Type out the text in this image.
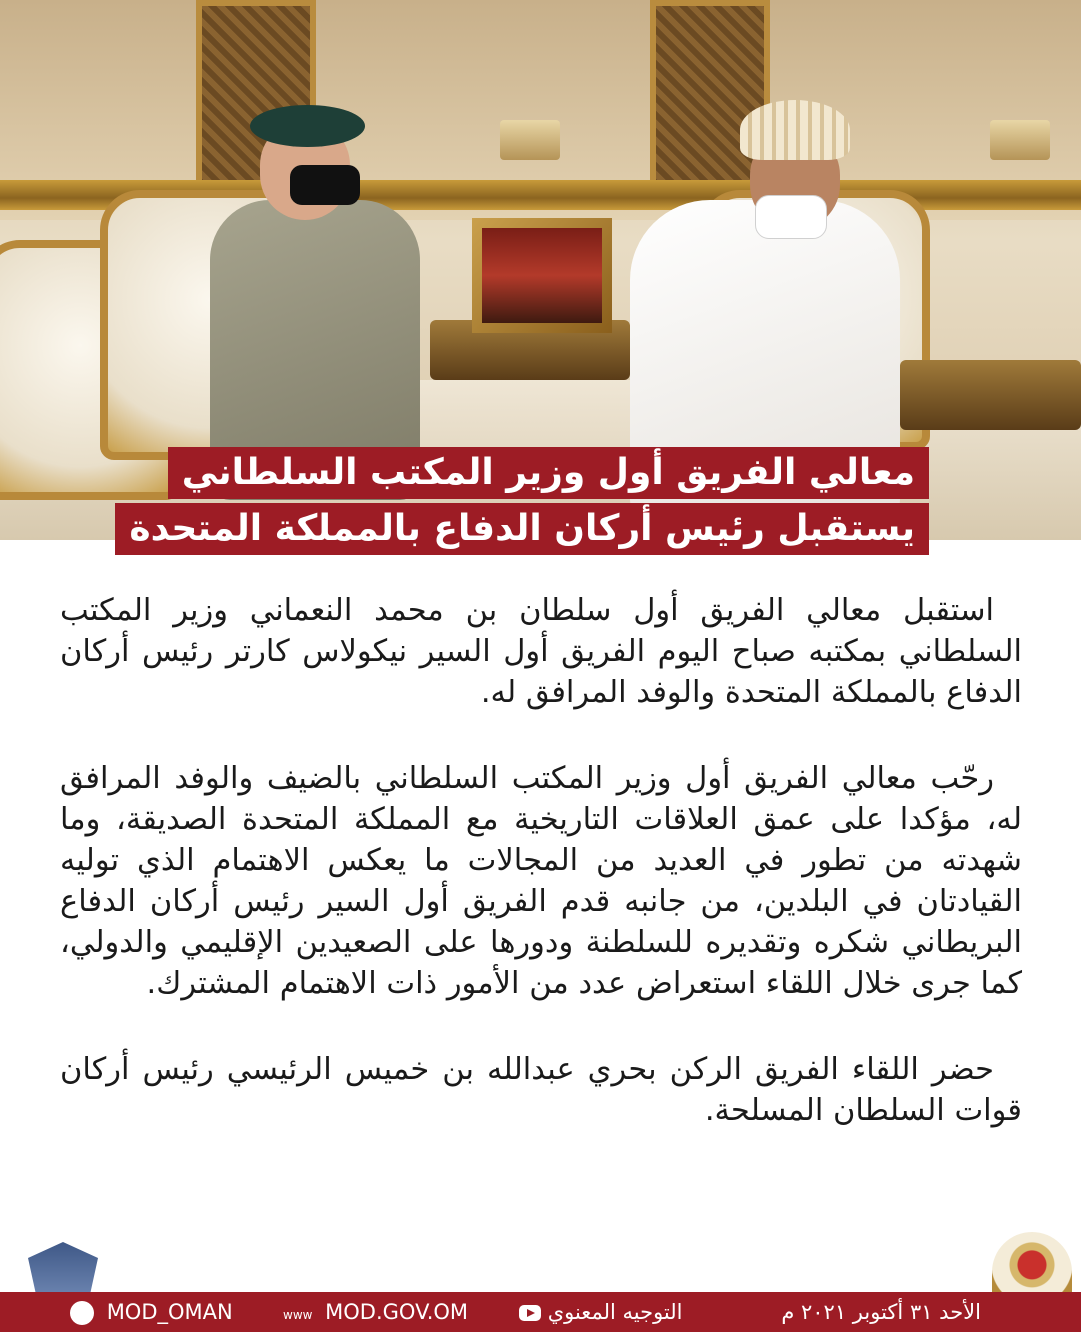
معالي الفريق أول وزير المكتب السلطاني
يستقبل رئيس أركان الدفاع بالمملكة المتحدة

استقبل معالي الفريق أول سلطان بن محمد النعماني وزير المكتب السلطاني بمكتبه صباح اليوم الفريق أول السير نيكولاس كارتر رئيس أركان الدفاع بالمملكة المتحدة والوفد المرافق له.

رحّب معالي الفريق أول وزير المكتب السلطاني بالضيف والوفد المرافق له، مؤكدا على عمق العلاقات التاريخية مع المملكة المتحدة الصديقة، وما شهدته من تطور في العديد من المجالات ما يعكس الاهتمام الذي توليه القيادتان في البلدين، من جانبه قدم الفريق أول السير رئيس أركان الدفاع البريطاني شكره وتقديره للسلطنة ودورها على الصعيدين الإقليمي والدولي، كما جرى خلال اللقاء استعراض عدد من الأمور ذات الاهتمام المشترك.

حضر اللقاء الفريق الركن بحري عبدالله بن خميس الرئيسي رئيس أركان قوات السلطان المسلحة.

الأحد ٣١ أكتوبر ٢٠٢١ م
التوجيه المعنوي
www MOD.GOV.OM
MOD_OMAN
